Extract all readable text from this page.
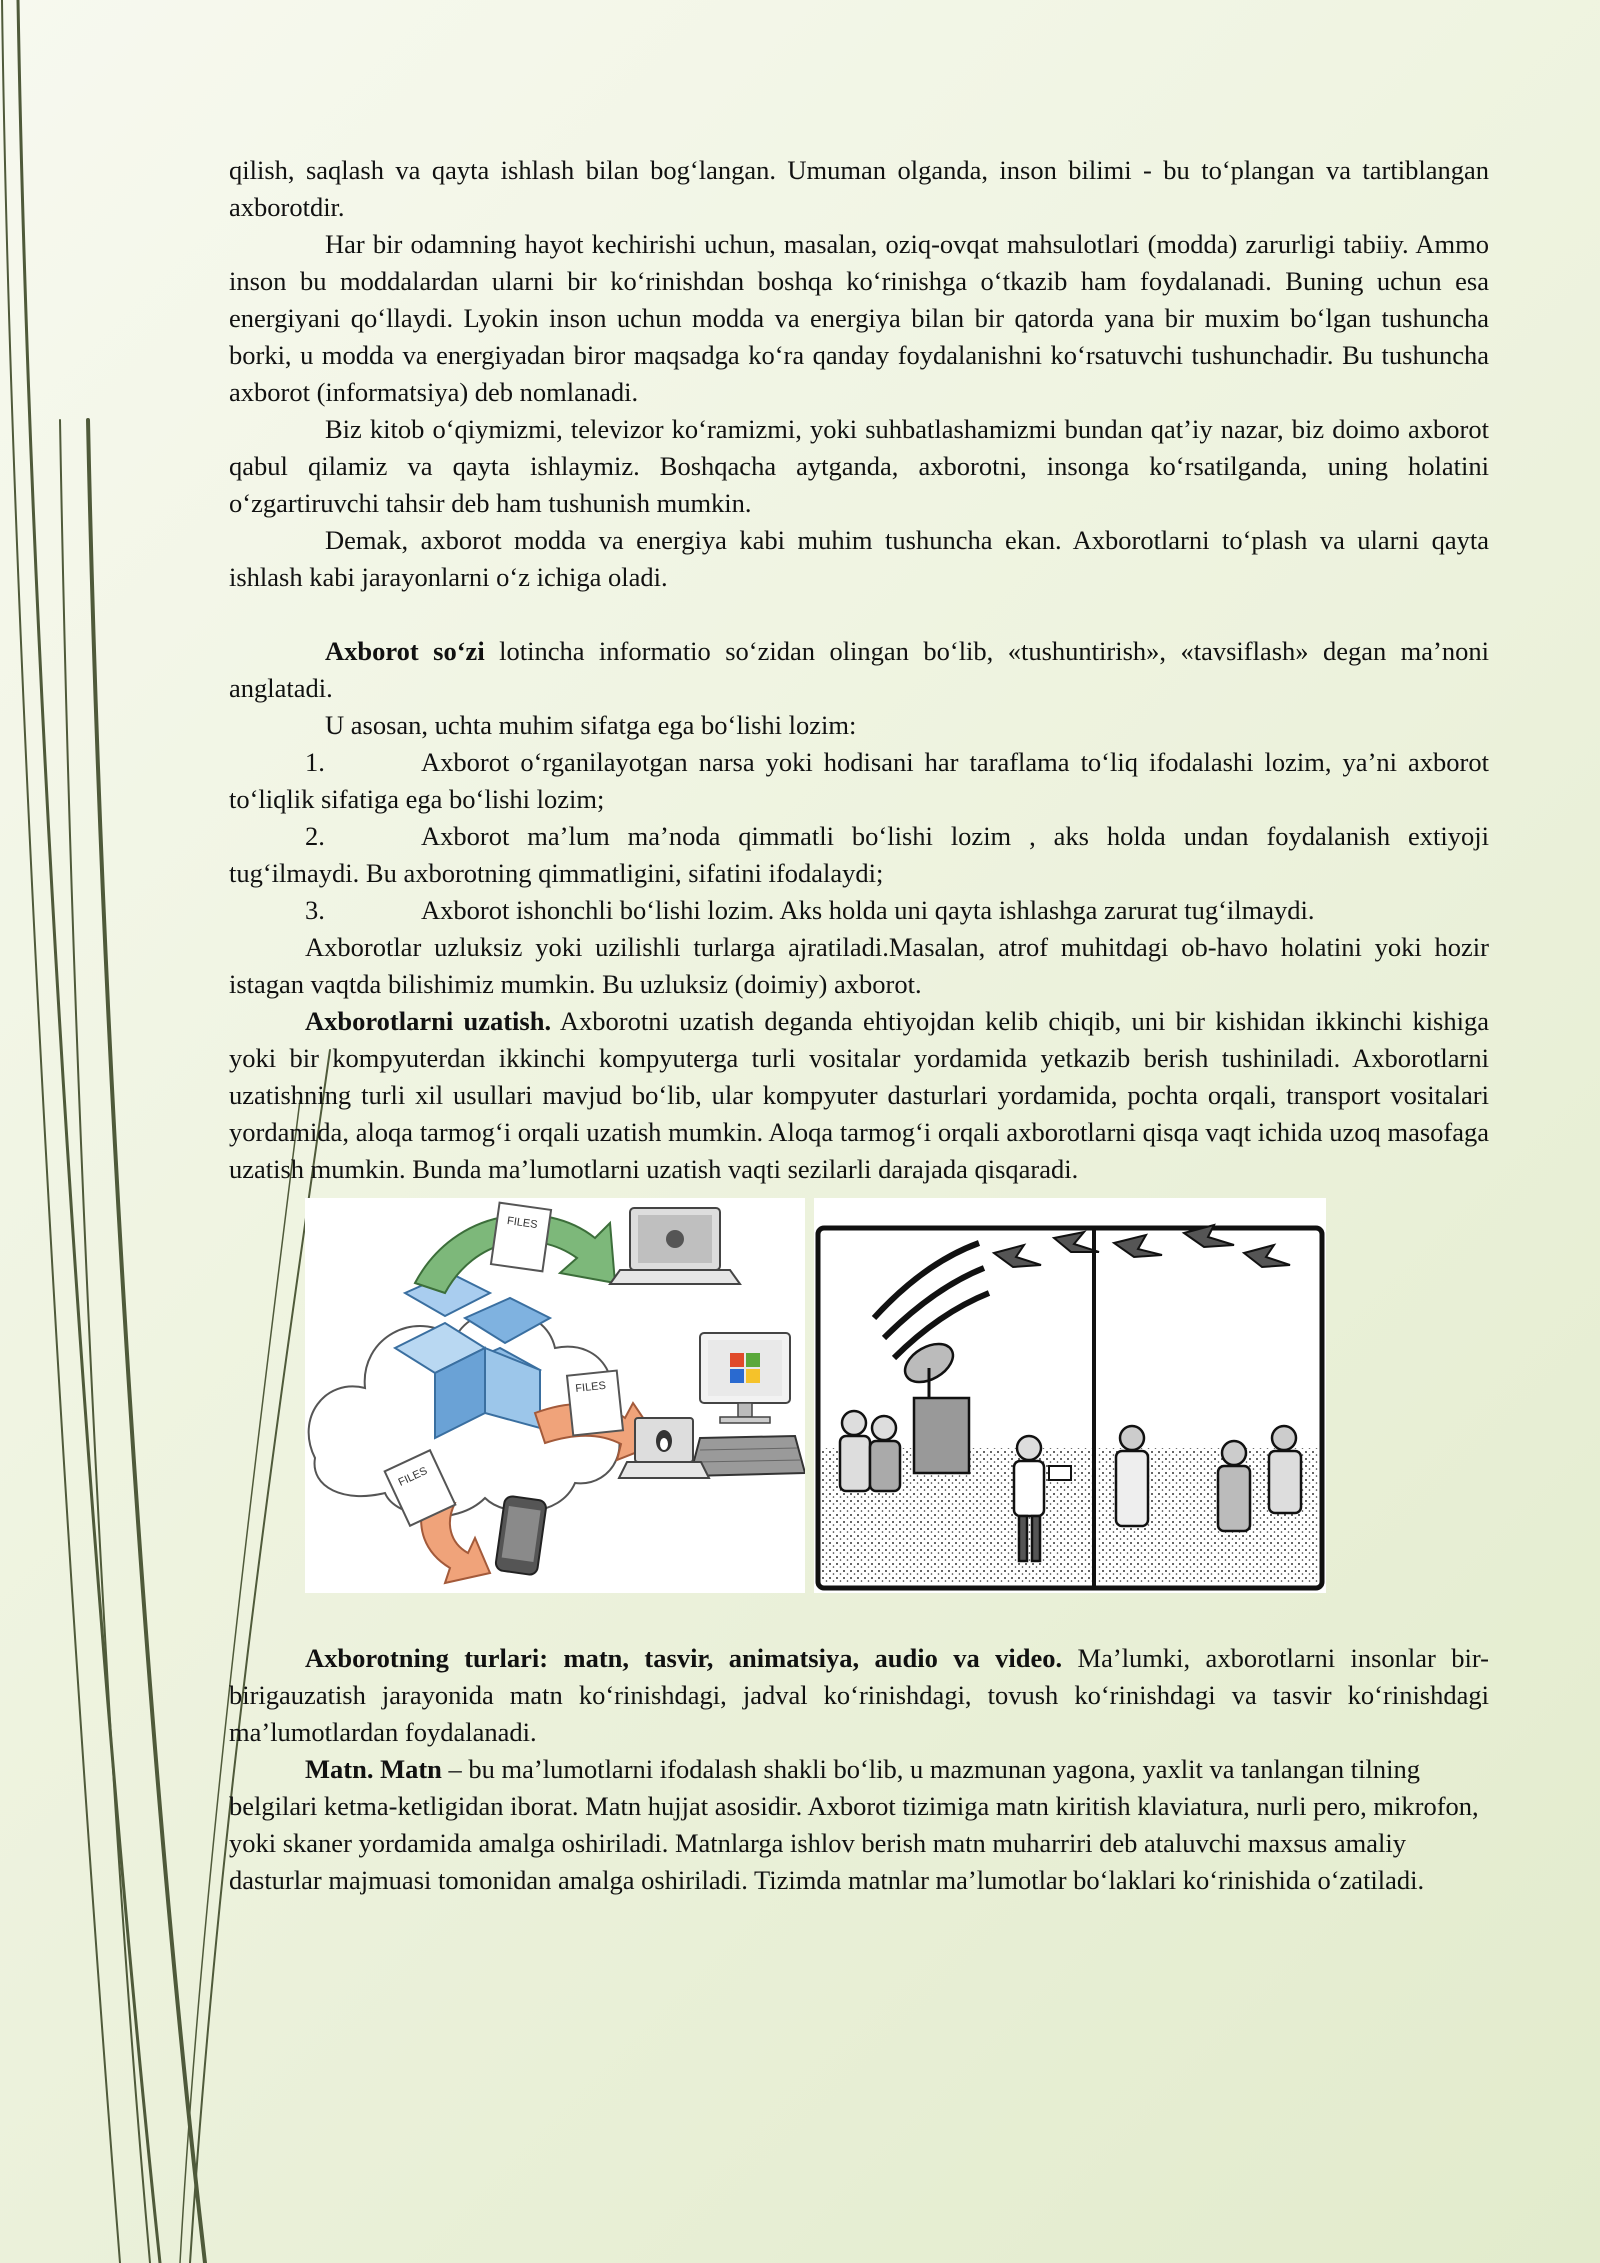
qilish, saqlash va qayta ishlash bilan bog‘langan. Umuman olganda, inson bilimi - bu to‘plangan va tartiblangan axborotdir.

Har bir odamning hayot kechirishi uchun, masalan, oziq-ovqat mahsulotlari (modda) zarurligi tabiiy. Ammo inson bu moddalardan ularni bir ko‘rinishdan boshqa ko‘rinishga o‘tkazib ham foydalanadi. Buning uchun esa energiyani qo‘llaydi. Lyokin inson uchun modda va energiya bilan bir qatorda yana bir muxim bo‘lgan tushuncha borki, u modda va energiyadan biror maqsadga ko‘ra qanday foydalanishni ko‘rsatuvchi tushunchadir. Bu tushuncha axborot (informatsiya) deb nomlanadi.

Biz kitob o‘qiymizmi, televizor ko‘ramizmi, yoki suhbatlashamizmi bundan qat’iy nazar, biz doimo axborot qabul qilamiz va qayta ishlaymiz. Boshqacha aytganda, axborotni, insonga ko‘rsatilganda, uning holatini o‘zgartiruvchi tahsir deb ham tushunish mumkin.

Demak, axborot modda va energiya kabi muhim tushuncha ekan. Axborotlarni to‘plash va ularni qayta ishlash kabi jarayonlarni o‘z ichiga oladi.

Axborot so‘zi lotincha informatio so‘zidan olingan bo‘lib, «tushuntirish», «tavsiflash» degan ma’noni anglatadi.

U asosan, uchta muhim sifatga ega bo‘lishi lozim:

1.	Axborot o‘rganilayotgan narsa yoki hodisani har taraflama to‘liq ifodalashi lozim, ya’ni axborot to‘liqlik sifatiga ega bo‘lishi lozim;

2.	Axborot ma’lum ma’noda qimmatli bo‘lishi lozim , aks holda undan foydalanish extiyoji tug‘ilmaydi. Bu axborotning qimmatligini, sifatini ifodalaydi;

3.	Axborot ishonchli bo‘lishi lozim. Aks holda uni qayta ishlashga zarurat tug‘ilmaydi.

Axborotlar uzluksiz yoki uzilishli turlarga ajratiladi.Masalan, atrof muhitdagi ob-havo holatini yoki hozir istagan vaqtda bilishimiz mumkin. Bu uzluksiz (doimiy) axborot.

Axborotlarni uzatish. Axborotni uzatish deganda ehtiyojdan kelib chiqib, uni bir kishidan ikkinchi kishiga yoki bir kompyuterdan ikkinchi kompyuterga turli vositalar yordamida yetkazib berish tushiniladi. Axborotlarni uzatishning turli xil usullari mavjud bo‘lib, ular kompyuter dasturlari yordamida, pochta orqali, transport vositalari yordamida, aloqa tarmog‘i orqali uzatish mumkin. Aloqa tarmog‘i orqali axborotlarni qisqa vaqt ichida uzoq masofaga uzatish mumkin. Bunda ma’lumotlarni uzatish vaqti sezilarli darajada qisqaradi.

FILES
FILES
FILES

Axborotning turlari: matn, tasvir, animatsiya, audio va video. Ma’lumki, axborotlarni insonlar bir-birigauzatish jarayonida matn ko‘rinishdagi, jadval ko‘rinishdagi, tovush ko‘rinishdagi va tasvir ko‘rinishdagi ma’lumotlardan foydalanadi.

Matn. Matn – bu ma’lumotlarni ifodalash shakli bo‘lib, u mazmunan yagona, yaxlit va tanlangan tilning belgilari ketma-ketligidan iborat. Matn hujjat asosidir. Axborot tizimiga matn kiritish klaviatura, nurli pero, mikrofon, yoki skaner yordamida amalga oshiriladi. Matnlarga ishlov berish matn muharriri deb ataluvchi maxsus amaliy dasturlar majmuasi tomonidan amalga oshiriladi. Tizimda matnlar ma’lumotlar bo‘laklari ko‘rinishida o‘zatiladi.
